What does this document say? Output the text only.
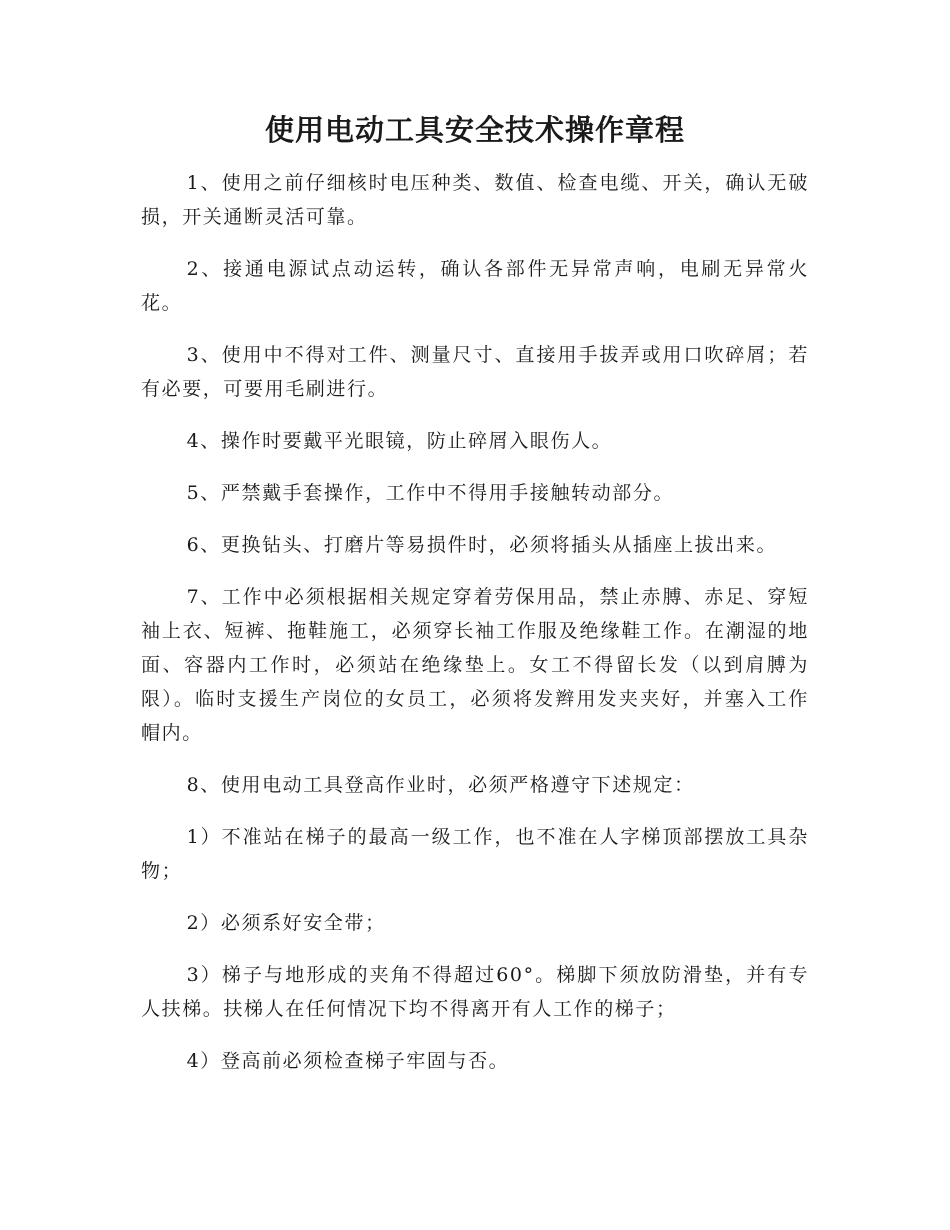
使用电动工具安全技术操作章程

1、使用之前仔细核时电压种类、数值、检查电缆、开关，确认无破损，开关通断灵活可靠。

2、接通电源试点动运转，确认各部件无异常声响，电刷无异常火花。

3、使用中不得对工件、测量尺寸、直接用手拔弄或用口吹碎屑；若有必要，可要用毛刷进行。

4、操作时要戴平光眼镜，防止碎屑入眼伤人。

5、严禁戴手套操作，工作中不得用手接触转动部分。

6、更换钻头、打磨片等易损件时，必须将插头从插座上拔出来。

7、工作中必须根据相关规定穿着劳保用品，禁止赤膊、赤足、穿短袖上衣、短裤、拖鞋施工，必须穿长袖工作服及绝缘鞋工作。在潮湿的地面、容器内工作时，必须站在绝缘垫上。女工不得留长发（以到肩膊为限）。临时支援生产岗位的女员工，必须将发辫用发夹夹好，并塞入工作帽内。

8、使用电动工具登高作业时，必须严格遵守下述规定：

1）不准站在梯子的最高一级工作，也不准在人字梯顶部摆放工具杂物；

2）必须系好安全带；

3）梯子与地形成的夹角不得超过60°。梯脚下须放防滑垫，并有专人扶梯。扶梯人在任何情况下均不得离开有人工作的梯子；

4）登高前必须检查梯子牢固与否。
